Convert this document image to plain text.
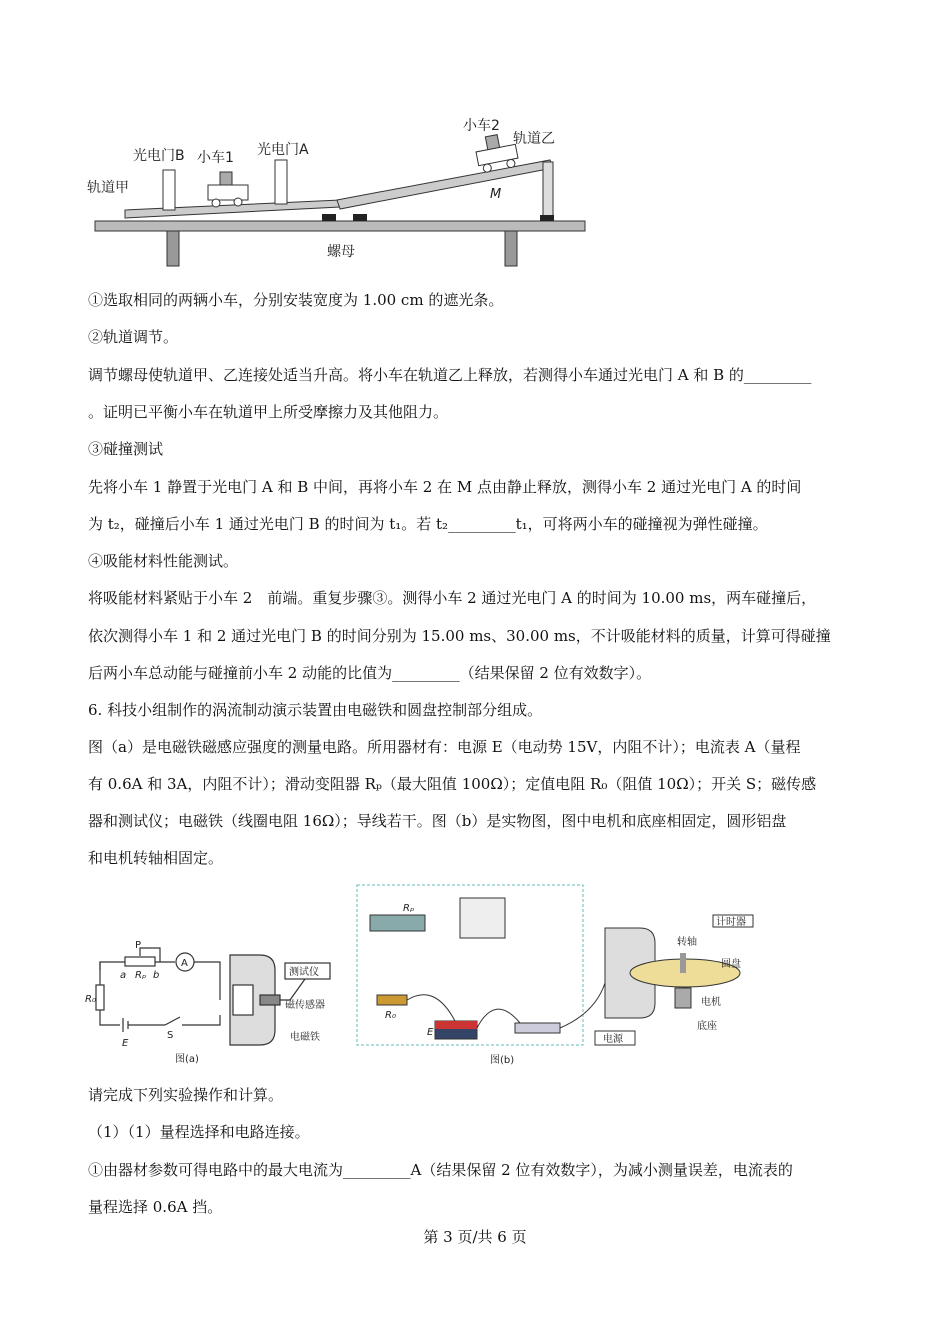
光电门B 小车1 光电门A
小车2
轨道乙
轨道甲	M
螺母
①选取相同的两辆小车，分别安装宽度为 1.00 cm 的遮光条。
②轨道调节。
调节螺母使轨道甲、乙连接处适当升高。将小车在轨道乙上释放，若测得小车通过光电门 A 和 B 的_________
。证明已平衡小车在轨道甲上所受摩擦力及其他阻力。
③碰撞测试
先将小车 1 静置于光电门 A 和 B 中间，再将小车 2 在 M 点由静止释放，测得小车 2 通过光电门 A 的时间
为 t₂，碰撞后小车 1 通过光电门 B 的时间为 t₁。若 t₂_________t₁，可将两小车的碰撞视为弹性碰撞。
④吸能材料性能测试。
将吸能材料紧贴于小车 2　前端。重复步骤③。测得小车 2 通过光电门 A 的时间为 10.00 ms，两车碰撞后，
依次测得小车 1 和 2 通过光电门 B 的时间分别为 15.00 ms、30.00 ms，不计吸能材料的质量，计算可得碰撞
后两小车总动能与碰撞前小车 2 动能的比值为_________（结果保留 2 位有效数字）。
6. 科技小组制作的涡流制动演示装置由电磁铁和圆盘控制部分组成。
图（a）是电磁铁磁感应强度的测量电路。所用器材有：电源 E（电动势 15V，内阻不计）；电流表 A（量程
有 0.6A 和 3A，内阻不计）；滑动变阻器 Rₚ（最大阻值 100Ω）；定值电阻 R₀（阻值 10Ω）；开关 S；磁传感
器和测试仪；电磁铁（线圈电阻 16Ω）；导线若干。图（b）是实物图，图中电机和底座相固定，圆形铝盘
和电机转轴相固定。
P
a Rₚ b
A
R₀
E
S
测试仪
磁传感器
电磁铁
图(a)
Rₚ
R₀
E
计时器
转轴
圆盘
电机
底座
电源
图(b)
请完成下列实验操作和计算。
（1）（1）量程选择和电路连接。
①由器材参数可得电路中的最大电流为_________A（结果保留 2 位有效数字），为减小测量误差，电流表的
量程选择 0.6A 挡。
第 3 页/共 6 页
